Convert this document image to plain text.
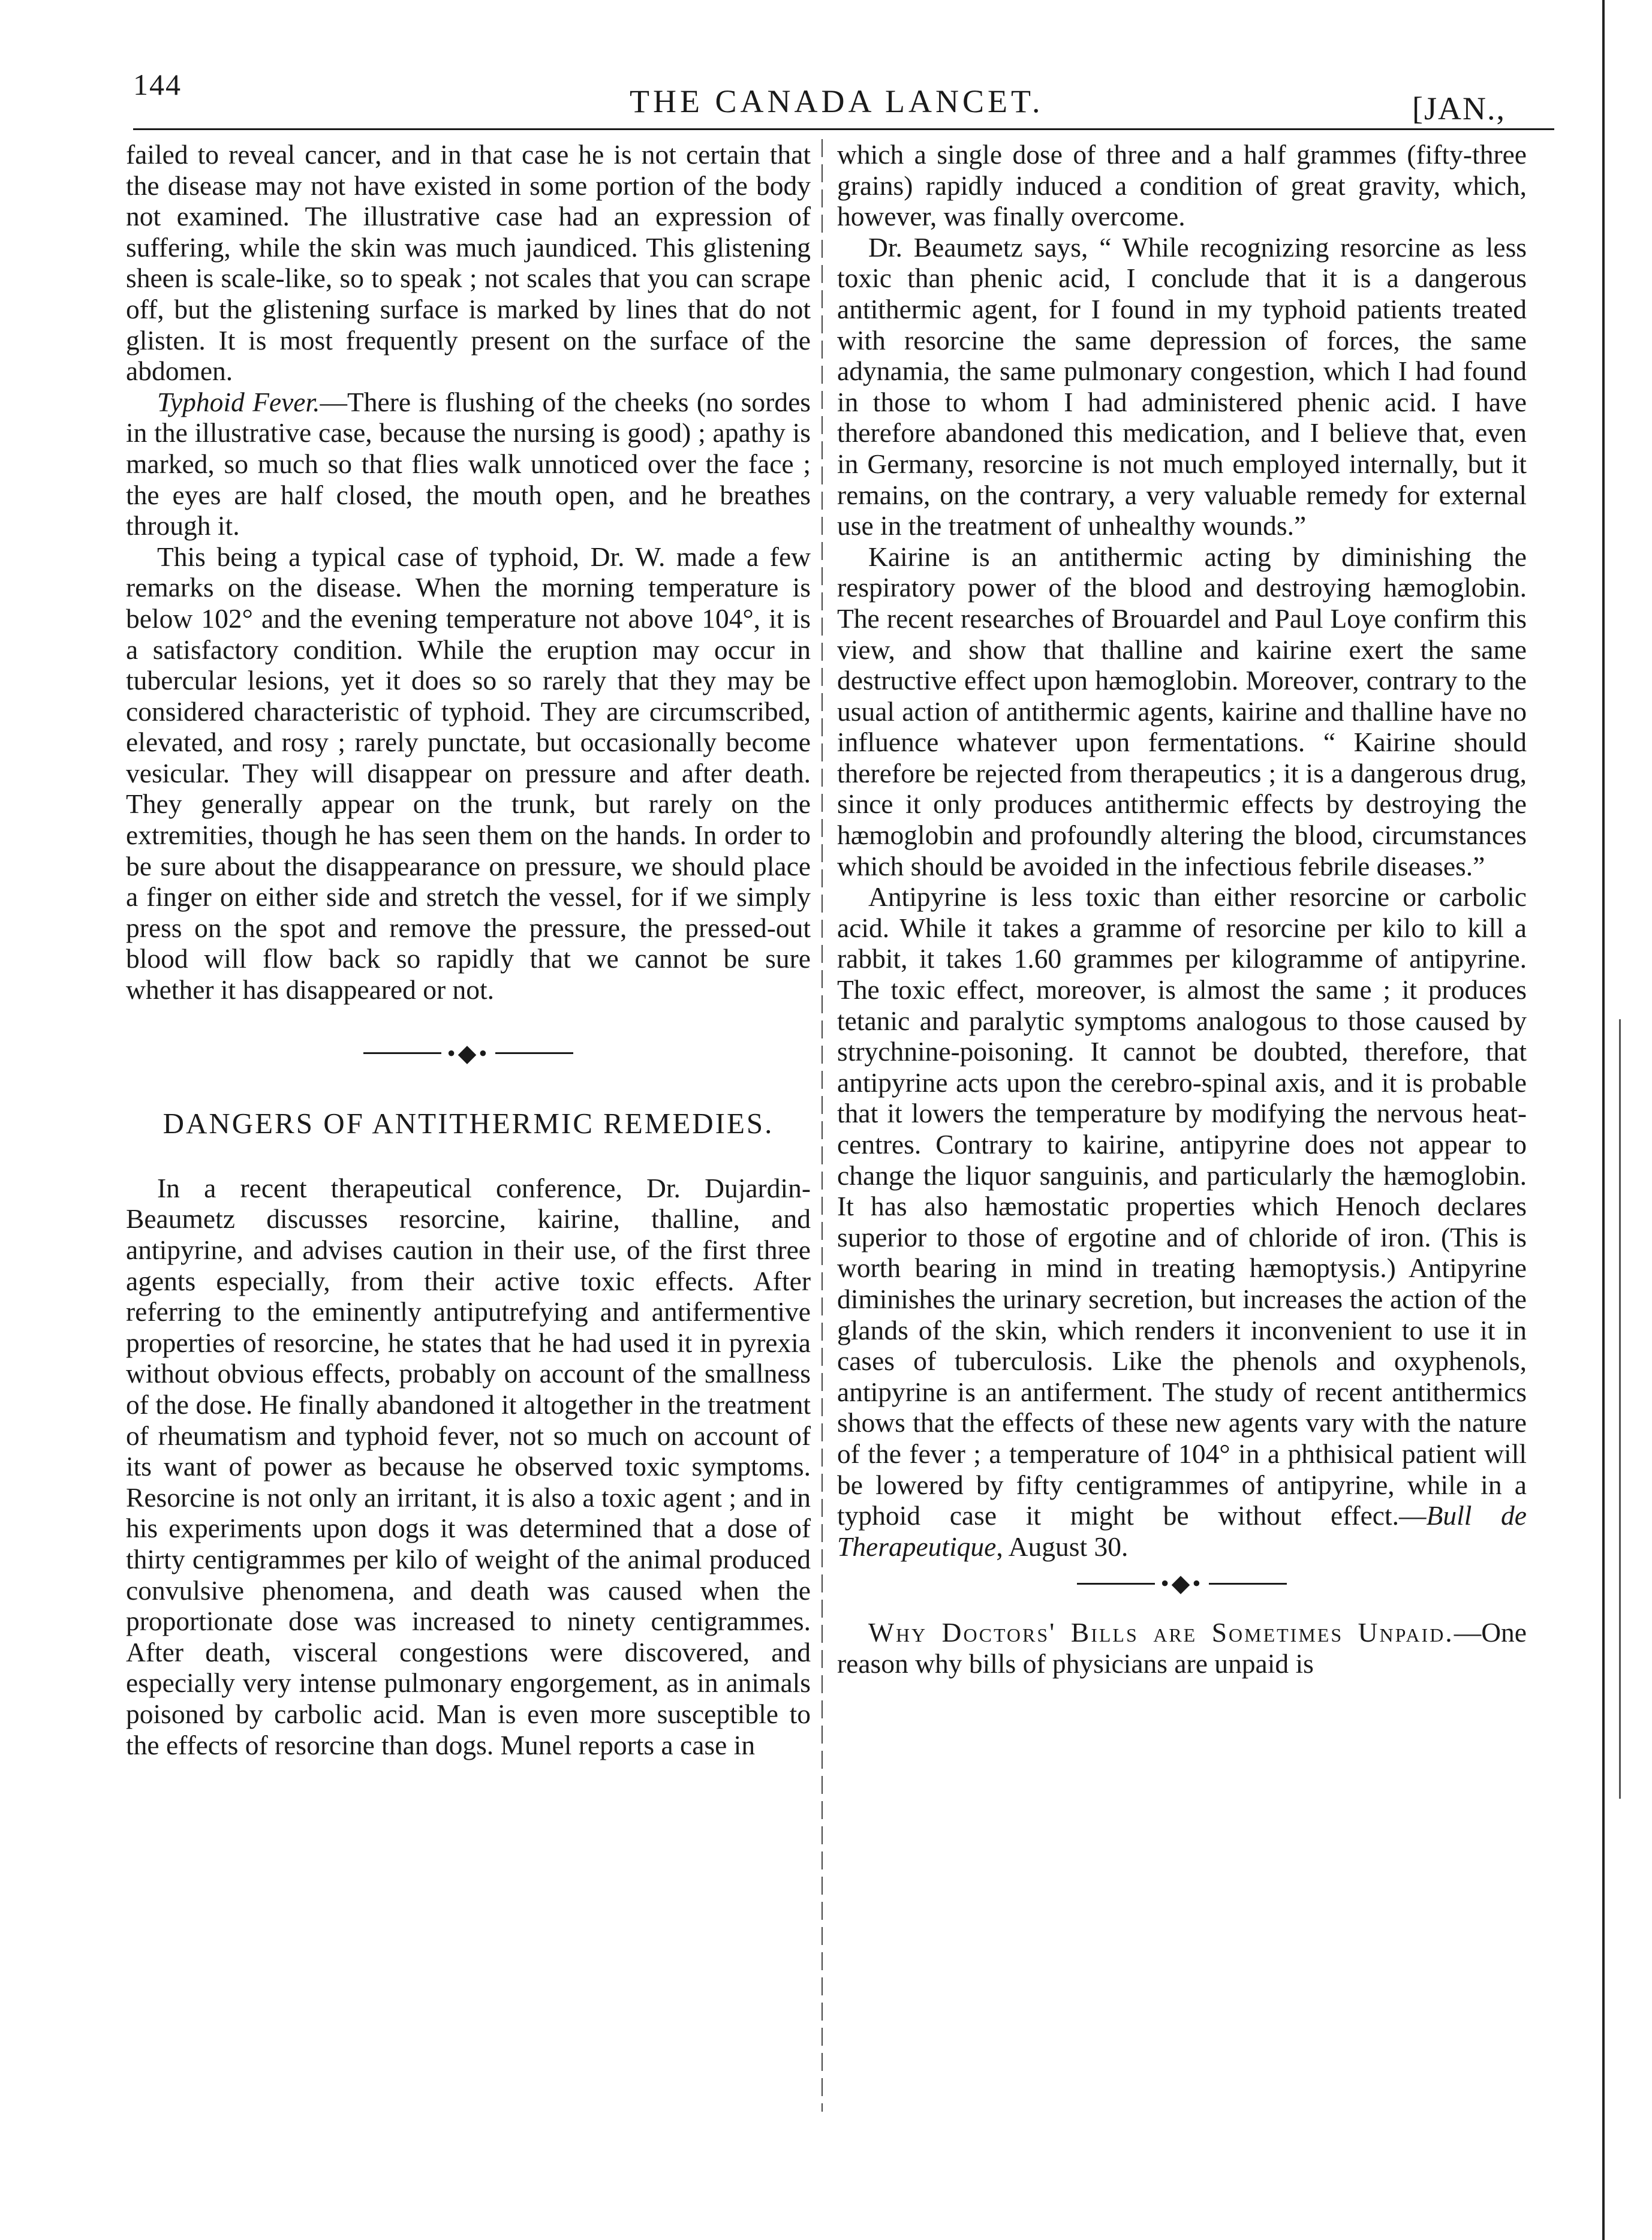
144	THE CANADA LANCET.	[JAN.,

failed to reveal cancer, and in that case he is not certain that the disease may not have existed in some portion of the body not examined. The illustrative case had an expression of suffering, while the skin was much jaundiced. This glistening sheen is scale-like, so to speak ; not scales that you can scrape off, but the glistening surface is marked by lines that do not glisten. It is most frequently present on the surface of the abdomen.

Typhoid Fever.—There is flushing of the cheeks (no sordes in the illustrative case, because the nursing is good) ; apathy is marked, so much so that flies walk unnoticed over the face ; the eyes are half closed, the mouth open, and he breathes through it.

This being a typical case of typhoid, Dr. W. made a few remarks on the disease. When the morning temperature is below 102° and the evening temperature not above 104°, it is a satisfactory condition. While the eruption may occur in tubercular lesions, yet it does so so rarely that they may be considered characteristic of typhoid. They are circumscribed, elevated, and rosy ; rarely punctate, but occasionally become vesicular. They will disappear on pressure and after death. They generally appear on the trunk, but rarely on the extremities, though he has seen them on the hands. In order to be sure about the disappearance on pressure, we should place a finger on either side and stretch the vessel, for if we simply press on the spot and remove the pressure, the pressed-out blood will flow back so rapidly that we cannot be sure whether it has disappeared or not.

•◆•
DANGERS OF ANTITHERMIC REMEDIES.

In a recent therapeutical conference, Dr. Dujardin-Beaumetz discusses resorcine, kairine, thalline, and antipyrine, and advises caution in their use, of the first three agents especially, from their active toxic effects. After referring to the eminently antiputrefying and antifermentive properties of resorcine, he states that he had used it in pyrexia without obvious effects, probably on account of the smallness of the dose. He finally abandoned it altogether in the treatment of rheumatism and typhoid fever, not so much on account of its want of power as because he observed toxic symptoms. Resorcine is not only an irritant, it is also a toxic agent ; and in his experiments upon dogs it was determined that a dose of thirty centigrammes per kilo of weight of the animal produced convulsive phenomena, and death was caused when the proportionate dose was increased to ninety centigrammes. After death, visceral congestions were discovered, and especially very intense pulmonary engorgement, as in animals poisoned by carbolic acid. Man is even more susceptible to the effects of resorcine than dogs. Munel reports a case in

which a single dose of three and a half grammes (fifty-three grains) rapidly induced a condition of great gravity, which, however, was finally overcome.

Dr. Beaumetz says, “ While recognizing resorcine as less toxic than phenic acid, I conclude that it is a dangerous antithermic agent, for I found in my typhoid patients treated with resorcine the same depression of forces, the same adynamia, the same pulmonary congestion, which I had found in those to whom I had administered phenic acid. I have therefore abandoned this medication, and I believe that, even in Germany, resorcine is not much employed internally, but it remains, on the contrary, a very valuable remedy for external use in the treatment of unhealthy wounds.”

Kairine is an antithermic acting by diminishing the respiratory power of the blood and destroying hæmoglobin. The recent researches of Brouardel and Paul Loye confirm this view, and show that thalline and kairine exert the same destructive effect upon hæmoglobin. Moreover, contrary to the usual action of antithermic agents, kairine and thalline have no influence whatever upon fermentations. “ Kairine should therefore be rejected from therapeutics ; it is a dangerous drug, since it only produces antithermic effects by destroying the hæmoglobin and profoundly altering the blood, circumstances which should be avoided in the infectious febrile diseases.”

Antipyrine is less toxic than either resorcine or carbolic acid. While it takes a gramme of resorcine per kilo to kill a rabbit, it takes 1.60 grammes per kilogramme of antipyrine. The toxic effect, moreover, is almost the same ; it produces tetanic and paralytic symptoms analogous to those caused by strychnine-poisoning. It cannot be doubted, therefore, that antipyrine acts upon the cerebro-spinal axis, and it is probable that it lowers the temperature by modifying the nervous heat-centres. Contrary to kairine, antipyrine does not appear to change the liquor sanguinis, and particularly the hæmoglobin. It has also hæmostatic properties which Henoch declares superior to those of ergotine and of chloride of iron. (This is worth bearing in mind in treating hæmoptysis.) Antipyrine diminishes the urinary secretion, but increases the action of the glands of the skin, which renders it inconvenient to use it in cases of tuberculosis. Like the phenols and oxyphenols, antipyrine is an antiferment. The study of recent antithermics shows that the effects of these new agents vary with the nature of the fever ; a temperature of 104° in a phthisical patient will be lowered by fifty centigrammes of antipyrine, while in a typhoid case it might be without effect.—Bull de Therapeutique, August 30.

•◆•

Why Doctors' Bills are Sometimes Unpaid.—One reason why bills of physicians are unpaid is
